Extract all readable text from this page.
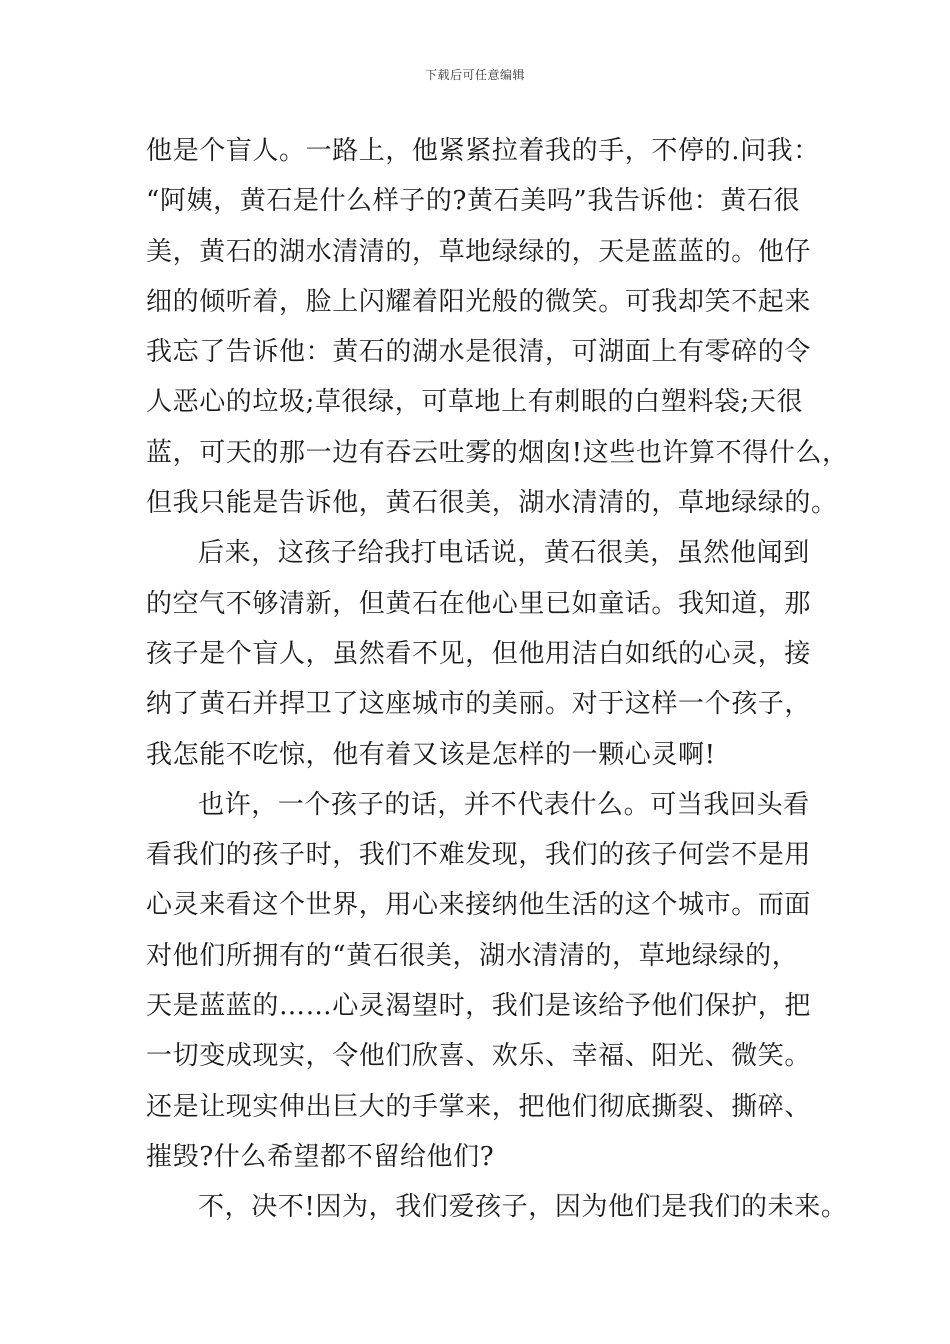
下载后可任意编辑
他是个盲人。一路上，他紧紧拉着我的手，不停的.问我：
“阿姨，黄石是什么样子的?黄石美吗”我告诉他：黄石很
美，黄石的湖水清清的，草地绿绿的，天是蓝蓝的。他仔
细的倾听着，脸上闪耀着阳光般的微笑。可我却笑不起来
我忘了告诉他：黄石的湖水是很清，可湖面上有零碎的令
人恶心的垃圾;草很绿，可草地上有刺眼的白塑料袋;天很
蓝，可天的那一边有吞云吐雾的烟囱!这些也许算不得什么，
但我只能是告诉他，黄石很美，湖水清清的，草地绿绿的。
后来，这孩子给我打电话说，黄石很美，虽然他闻到
的空气不够清新，但黄石在他心里已如童话。我知道，那
孩子是个盲人，虽然看不见，但他用洁白如纸的心灵，接
纳了黄石并捍卫了这座城市的美丽。对于这样一个孩子，
我怎能不吃惊，他有着又该是怎样的一颗心灵啊!
也许，一个孩子的话，并不代表什么。可当我回头看
看我们的孩子时，我们不难发现，我们的孩子何尝不是用
心灵来看这个世界，用心来接纳他生活的这个城市。而面
对他们所拥有的“黄石很美，湖水清清的，草地绿绿的，
天是蓝蓝的……心灵渴望时，我们是该给予他们保护，把
一切变成现实，令他们欣喜、欢乐、幸福、阳光、微笑。
还是让现实伸出巨大的手掌来，把他们彻底撕裂、撕碎、
摧毁?什么希望都不留给他们?
不，决不!因为，我们爱孩子，因为他们是我们的未来。
